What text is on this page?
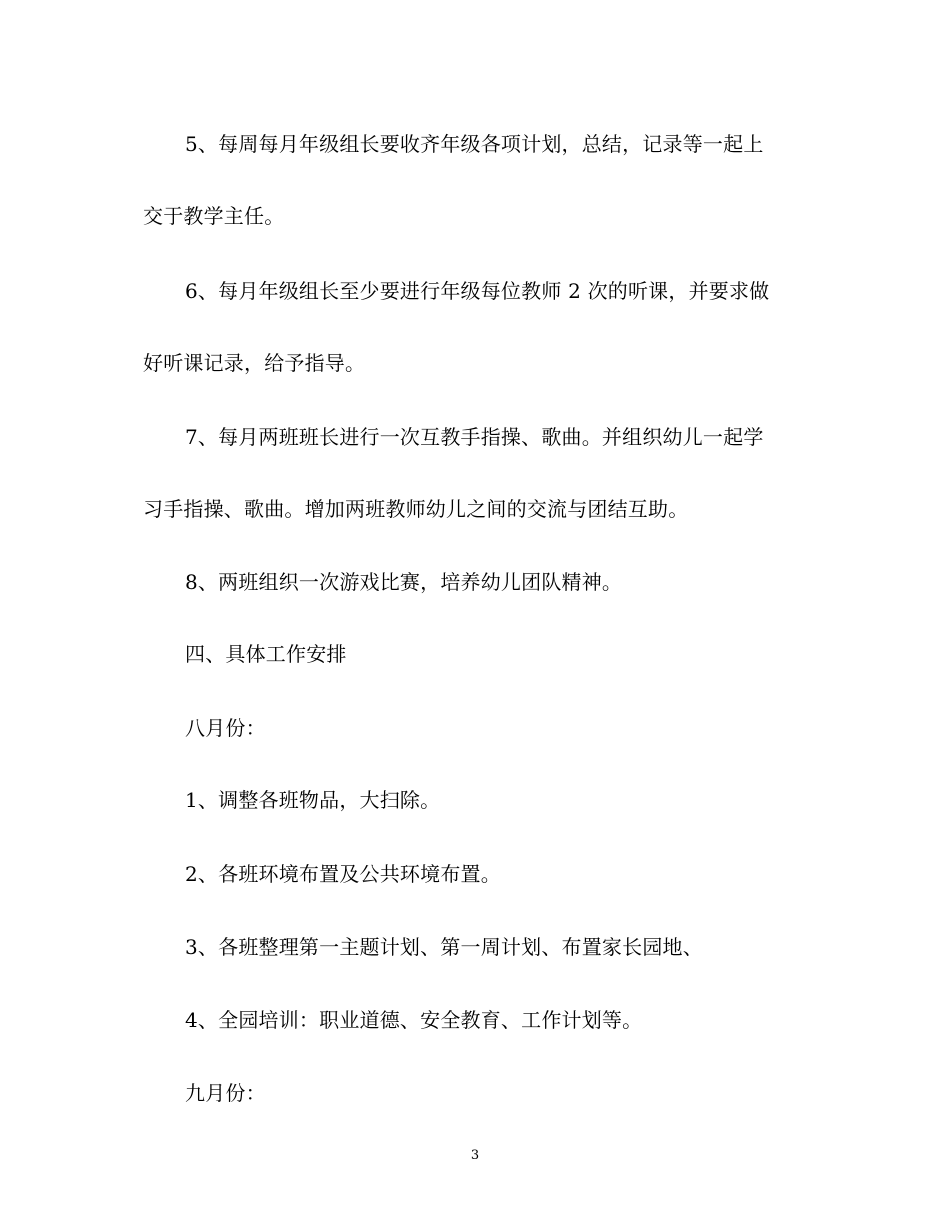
5、每周每月年级组长要收齐年级各项计划，总结，记录等一起上
交于教学主任。
6、每月年级组长至少要进行年级每位教师 2 次的听课，并要求做
好听课记录，给予指导。
7、每月两班班长进行一次互教手指操、歌曲。并组织幼儿一起学
习手指操、歌曲。增加两班教师幼儿之间的交流与团结互助。
8、两班组织一次游戏比赛，培养幼儿团队精神。
四、具体工作安排
八月份：
1、调整各班物品，大扫除。
2、各班环境布置及公共环境布置。
3、各班整理第一主题计划、第一周计划、布置家长园地、
4、全园培训：职业道德、安全教育、工作计划等。
九月份：
3
